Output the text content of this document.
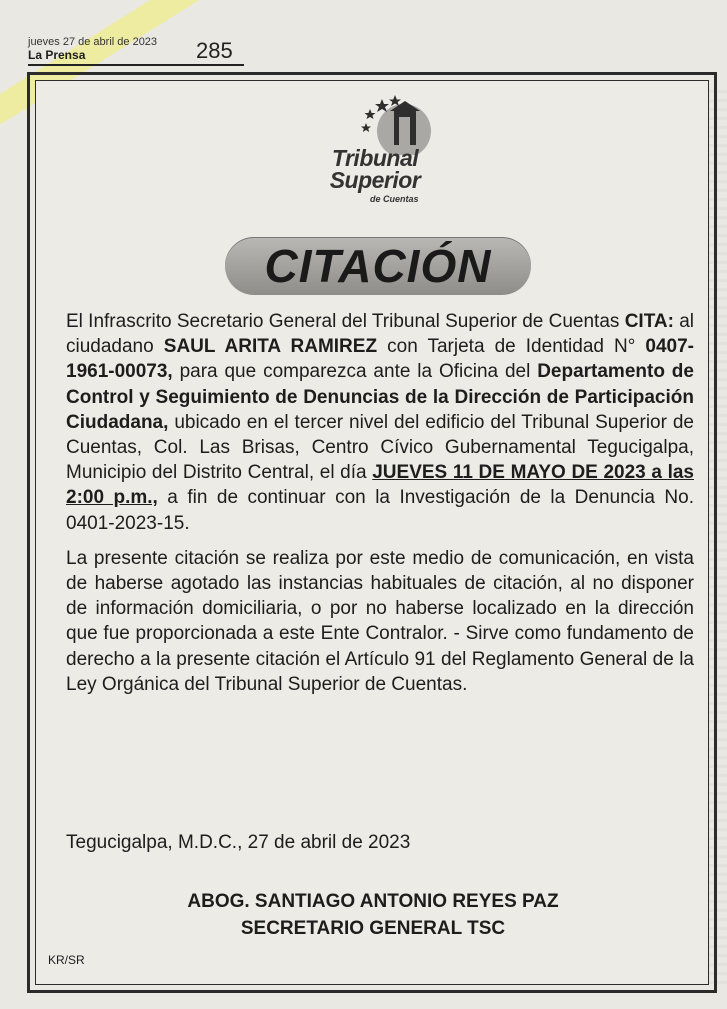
jueves 27 de abril de 2023
La Prensa	285
Tribunal
Superior
de Cuentas
CITACIÓN

El Infrascrito Secretario General del Tribunal Superior de Cuentas CITA: al ciudadano SAUL ARITA RAMIREZ con Tarjeta de Identidad N° 0407-1961-00073, para que comparezca ante la Oficina del Departamento de Control y Seguimiento de Denuncias de la Dirección de Participación Ciudadana, ubicado en el tercer nivel del edificio del Tribunal Superior de Cuentas, Col. Las Brisas, Centro Cívico Gubernamental Tegucigalpa, Municipio del Distrito Central, el día JUEVES 11 DE MAYO DE 2023 a las 2:00 p.m., a fin de continuar con la Investigación de la Denuncia No. 0401-2023-15.

La presente citación se realiza por este medio de comunicación, en vista de haberse agotado las instancias habituales de citación, al no disponer de información domiciliaria, o por no haberse localizado en la dirección que fue proporcionada a este Ente Contralor. - Sirve como fundamento de derecho a la presente citación el Artículo 91 del Reglamento General de la Ley Orgánica del Tribunal Superior de Cuentas.

Tegucigalpa, M.D.C., 27 de abril de 2023
ABOG. SANTIAGO ANTONIO REYES PAZ
SECRETARIO GENERAL TSC
KR/SR
